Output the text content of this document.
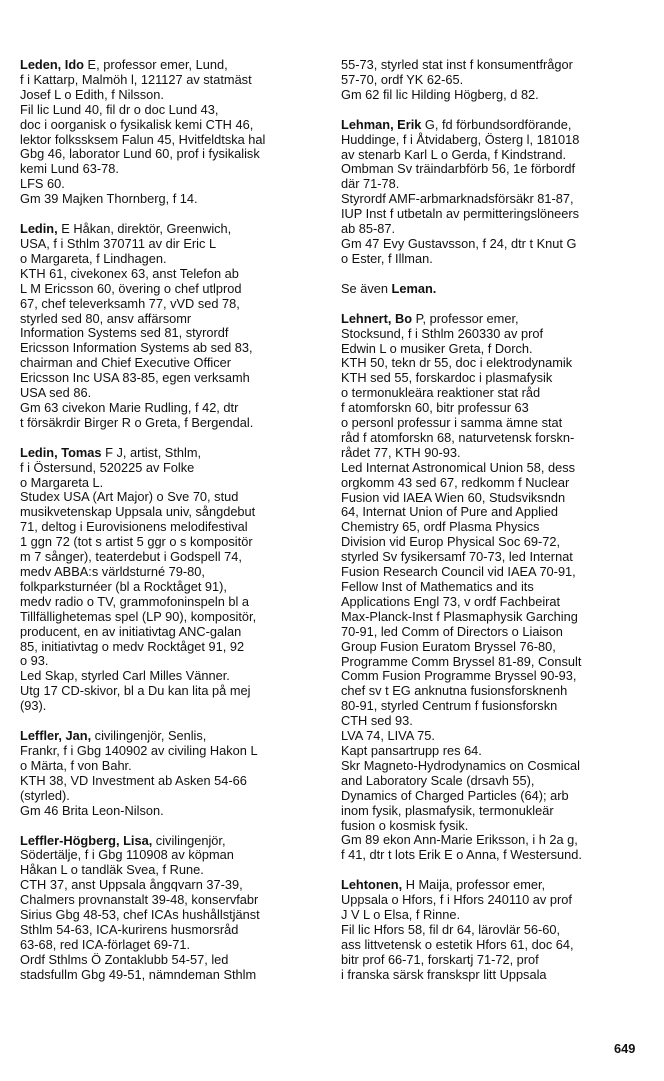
Leden, Ido E, professor emer, Lund,
f i Kattarp, Malmöh l, 121127 av statmäst
Josef L o Edith, f Nilsson.
Fil lic Lund 40, fil dr o doc Lund 43,
doc i oorganisk o fysikalisk kemi CTH 46,
lektor folkssksem Falun 45, Hvitfeldtska hal
Gbg 46, laborator Lund 60, prof i fysikalisk
kemi Lund 63-78.
LFS 60.
Gm 39 Majken Thornberg, f 14.
Ledin, E Håkan, direktör, Greenwich,
USA, f i Sthlm 370711 av dir Eric L
o Margareta, f Lindhagen.
KTH 61, civekonex 63, anst Telefon ab
L M Ericsson 60, övering o chef utlprod
67, chef televerksamh 77, vVD sed 78,
styrled sed 80, ansv affärsomr
Information Systems sed 81, styrordf
Ericsson Information Systems ab sed 83,
chairman and Chief Executive Officer
Ericsson Inc USA 83-85, egen verksamh
USA sed 86.
Gm 63 civekon Marie Rudling, f 42, dtr
t försäkrdir Birger R o Greta, f Bergendal.
Ledin, Tomas F J, artist, Sthlm,
f i Östersund, 520225 av Folke
o Margareta L.
Studex USA (Art Major) o Sve 70, stud
musikvetenskap Uppsala univ, sångdebut
71, deltog i Eurovisionens melodifestival
1 ggn 72 (tot s artist 5 ggr o s kompositör
m 7 sånger), teaterdebut i Godspell 74,
medv ABBA:s världsturné 79-80,
folkparksturnéer (bl a Rocktåget 91),
medv radio o TV, grammofoninspeln bl a
Tillfällighetemas spel (LP 90), kompositör,
producent, en av initiativtag ANC-galan
85, initiativtag o medv Rocktåget 91, 92
o 93.
Led Skap, styrled Carl Milles Vänner.
Utg 17 CD-skivor, bl a Du kan lita på mej
(93).
Leffler, Jan, civilingenjör, Senlis,
Frankr, f i Gbg 140902 av civiling Hakon L
o Märta, f von Bahr.
KTH 38, VD Investment ab Asken 54-66
(styrled).
Gm 46 Brita Leon-Nilson.
Leffler-Högberg, Lisa, civilingenjör,
Södertälje, f i Gbg 110908 av köpman
Håkan L o tandläk Svea, f Rune.
CTH 37, anst Uppsala ångqvarn 37-39,
Chalmers provnanstalt 39-48, konservfabr
Sirius Gbg 48-53, chef ICAs hushållstjänst
Sthlm 54-63, ICA-kurirens husmorsråd
63-68, red ICA-förlaget 69-71.
Ordf Sthlms Ö Zontaklubb 54-57, led
stadsfullm Gbg 49-51, nämndeman Sthlm
55-73, styrled stat inst f konsumentfrågor
57-70, ordf YK 62-65.
Gm 62 fil lic Hilding Högberg, d 82.
Lehman, Erik G, fd förbundsordförande,
Huddinge, f i Åtvidaberg, Österg l, 181018
av stenarb Karl L o Gerda, f Kindstrand.
Ombman Sv träindarbförb 56, 1e förbordf
där 71-78.
Styrordf AMF-arbmarknadsförsäkr 81-87,
IUP Inst f utbetaln av permitteringslöneers
ab 85-87.
Gm 47 Evy Gustavsson, f 24, dtr t Knut G
o Ester, f Illman.
Se även Leman.
Lehnert, Bo P, professor emer,
Stocksund, f i Sthlm 260330 av prof
Edwin L o musiker Greta, f Dorch.
KTH 50, tekn dr 55, doc i elektrodynamik
KTH sed 55, forskardoc i plasmafysik
o termonukleära reaktioner stat råd
f atomforskn 60, bitr professur 63
o personl professur i samma ämne stat
råd f atomforskn 68, naturvetensk forskn-
rådet 77, KTH 90-93.
Led Internat Astronomical Union 58, dess
orgkomm 43 sed 67, redkomm f Nuclear
Fusion vid IAEA Wien 60, Studsviksndn
64, Internat Union of Pure and Applied
Chemistry 65, ordf Plasma Physics
Division vid Europ Physical Soc 69-72,
styrled Sv fysikersamf 70-73, led Internat
Fusion Research Council vid IAEA 70-91,
Fellow Inst of Mathematics and its
Applications Engl 73, v ordf Fachbeirat
Max-Planck-Inst f Plasmaphysik Garching
70-91, led Comm of Directors o Liaison
Group Fusion Euratom Bryssel 76-80,
Programme Comm Bryssel 81-89, Consult
Comm Fusion Programme Bryssel 90-93,
chef sv t EG anknutna fusionsforsknenh
80-91, styrled Centrum f fusionsforskn
CTH sed 93.
LVA 74, LIVA 75.
Kapt pansartrupp res 64.
Skr Magneto-Hydrodynamics on Cosmical
and Laboratory Scale (drsavh 55),
Dynamics of Charged Particles (64); arb
inom fysik, plasmafysik, termonukleär
fusion o kosmisk fysik.
Gm 89 ekon Ann-Marie Eriksson, i h 2a g,
f 41, dtr t lots Erik E o Anna, f Westersund.
Lehtonen, H Maija, professor emer,
Uppsala o Hfors, f i Hfors 240110 av prof
J V L o Elsa, f Rinne.
Fil lic Hfors 58, fil dr 64, lärovlär 56-60,
ass littvetensk o estetik Hfors 61, doc 64,
bitr prof 66-71, forskartj 71-72, prof
i franska särsk franskspr litt Uppsala
649
